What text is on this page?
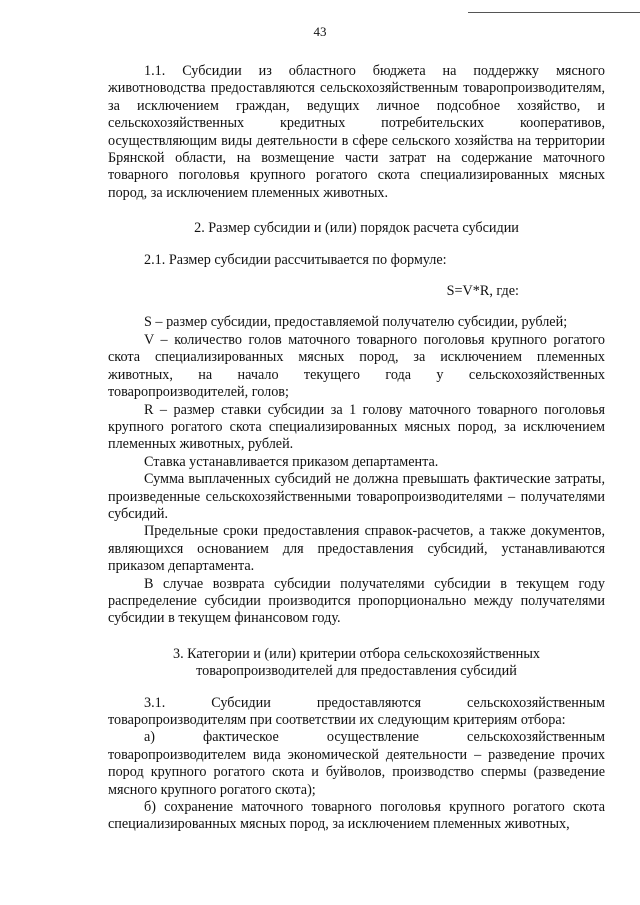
43

1.1. Субсидии из областного бюджета на поддержку мясного животноводства предоставляются сельскохозяйственным товаропроизводителям, за исключением граждан, ведущих личное подсобное хозяйство, и сельскохозяйственных кредитных потребительских кооперативов, осуществляющим виды деятельности в сфере сельского хозяйства на территории Брянской области, на возмещение части затрат на содержание маточного товарного поголовья крупного рогатого скота специализированных мясных пород, за исключением племенных животных.

2. Размер субсидии и (или) порядок расчета субсидии

2.1. Размер субсидии рассчитывается по формуле:

S=V*R, где:

S – размер субсидии, предоставляемой получателю субсидии, рублей;

V – количество голов маточного товарного поголовья крупного рогатого скота специализированных мясных пород, за исключением племенных животных, на начало текущего года у сельскохозяйственных товаропроизводителей, голов;

R – размер ставки субсидии за 1 голову маточного товарного поголовья крупного рогатого скота специализированных мясных пород, за исключением племенных животных, рублей.

Ставка устанавливается приказом департамента.

Сумма выплаченных субсидий не должна превышать фактические затраты, произведенные сельскохозяйственными товаропроизводителями – получателями субсидий.

Предельные сроки предоставления справок-расчетов, а также документов, являющихся основанием для предоставления субсидий, устанавливаются приказом департамента.

В случае возврата субсидии получателями субсидии в текущем году распределение субсидии производится пропорционально между получателями субсидии в текущем финансовом году.

3. Категории и (или) критерии отбора сельскохозяйственных

товаропроизводителей для предоставления субсидий

3.1. Субсидии предоставляются сельскохозяйственным товаропроизводителям при соответствии их следующим критериям отбора:

а) фактическое осуществление сельскохозяйственным товаропроизводителем вида экономической деятельности – разведение прочих пород крупного рогатого скота и буйволов, производство спермы (разведение мясного крупного рогатого скота);

б) сохранение маточного товарного поголовья крупного рогатого скота специализированных мясных пород, за исключением племенных животных,
